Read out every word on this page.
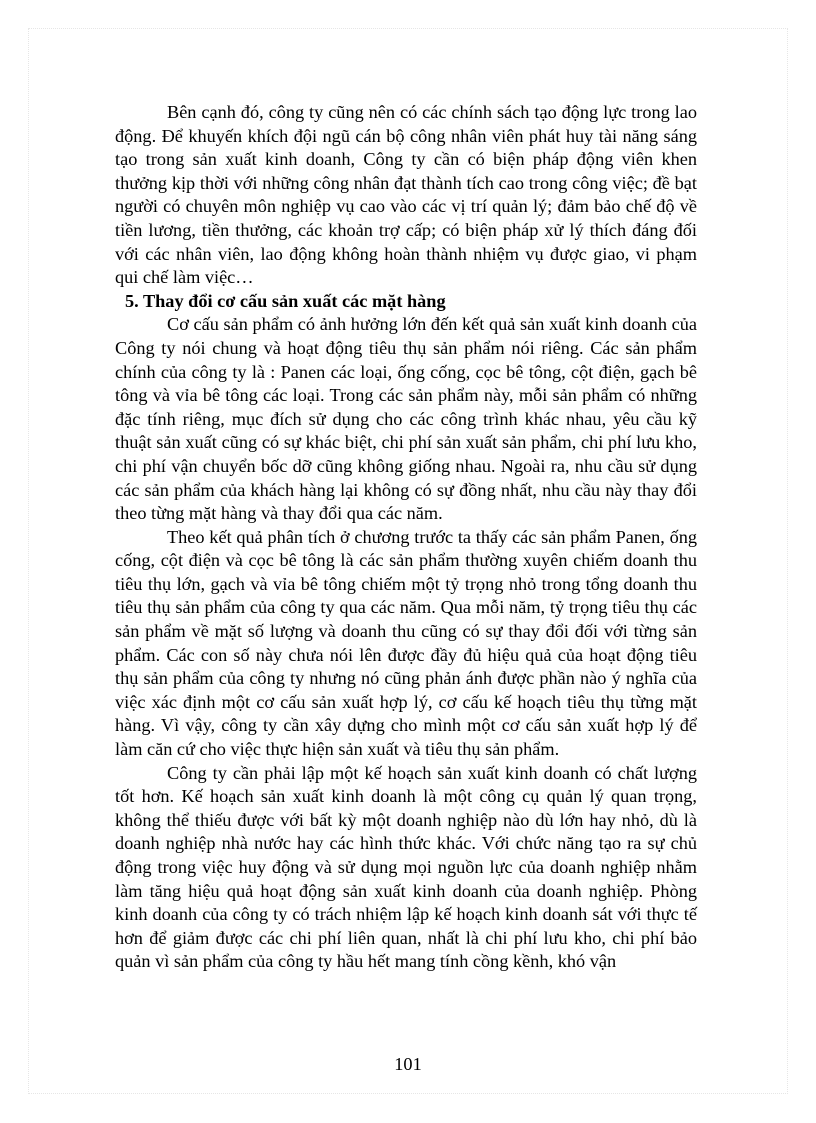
Bên cạnh đó, công ty cũng nên có các chính sách tạo động lực trong lao động. Để khuyến khích đội ngũ cán bộ công nhân viên phát huy tài năng sáng tạo trong sản xuất kinh doanh, Công ty cần có biện pháp động viên khen thưởng kịp thời với những công nhân đạt thành tích cao trong công việc; đề bạt người có chuyên môn nghiệp vụ cao vào các vị trí quản lý; đảm bảo chế độ về tiền lương, tiền thưởng, các khoản trợ cấp; có biện pháp xử lý thích đáng đối với các nhân viên, lao động không hoàn thành nhiệm vụ được giao, vi phạm qui chế làm việc…

5. Thay đổi cơ cấu sản xuất các mặt hàng

Cơ cấu sản phẩm có ảnh hưởng lớn đến kết quả sản xuất kinh doanh của Công ty nói chung và hoạt động tiêu thụ sản phẩm nói riêng. Các sản phẩm chính của công ty là : Panen các loại, ống cống, cọc bê tông, cột điện, gạch bê tông và vỉa bê tông các loại. Trong các sản phẩm này, mỗi sản phẩm có những đặc tính riêng, mục đích sử dụng cho các công trình khác nhau, yêu cầu kỹ thuật sản xuất cũng có sự khác biệt, chi phí sản xuất sản phẩm, chi phí lưu kho, chi phí vận chuyển bốc dỡ cũng không giống nhau. Ngoài ra, nhu cầu sử dụng các sản phẩm của khách hàng lại không có sự đồng nhất, nhu cầu này thay đổi theo từng mặt hàng và thay đổi qua các năm.

Theo kết quả phân tích ở chương trước ta thấy các sản phẩm Panen, ống cống, cột điện và cọc bê tông là các sản phẩm thường xuyên chiếm doanh thu tiêu thụ lớn, gạch và vỉa bê tông chiếm một tỷ trọng nhỏ trong tổng doanh thu tiêu thụ sản phẩm của công ty qua các năm. Qua mỗi năm, tỷ trọng tiêu thụ các sản phẩm về mặt số lượng và doanh thu cũng có sự thay đổi đối với từng sản phẩm. Các con số này chưa nói lên được đầy đủ hiệu quả của hoạt động tiêu thụ sản phẩm của công ty nhưng nó cũng phản ánh được phần nào ý nghĩa của việc xác định một cơ cấu sản xuất hợp lý, cơ cấu kế hoạch tiêu thụ từng mặt hàng. Vì vậy, công ty cần xây dựng cho mình một cơ cấu sản xuất hợp lý để làm căn cứ cho việc thực hiện sản xuất và tiêu thụ sản phẩm.

Công ty cần phải lập một kế hoạch sản xuất kinh doanh có chất lượng tốt hơn. Kế hoạch sản xuất kinh doanh là một công cụ quản lý quan trọng, không thể thiếu được với bất kỳ một doanh nghiệp nào dù lớn hay nhỏ, dù là doanh nghiệp nhà nước hay các hình thức khác. Với chức năng tạo ra sự chủ động trong việc huy động và sử dụng mọi nguồn lực của doanh nghiệp nhằm làm tăng hiệu quả hoạt động sản xuất kinh doanh của doanh nghiệp. Phòng kinh doanh của công ty có trách nhiệm lập kế hoạch kinh doanh sát với thực tế hơn để giảm được các chi phí liên quan, nhất là chi phí lưu kho, chi phí bảo quản vì sản phẩm của công ty hầu hết mang tính cồng kềnh, khó vận

101
